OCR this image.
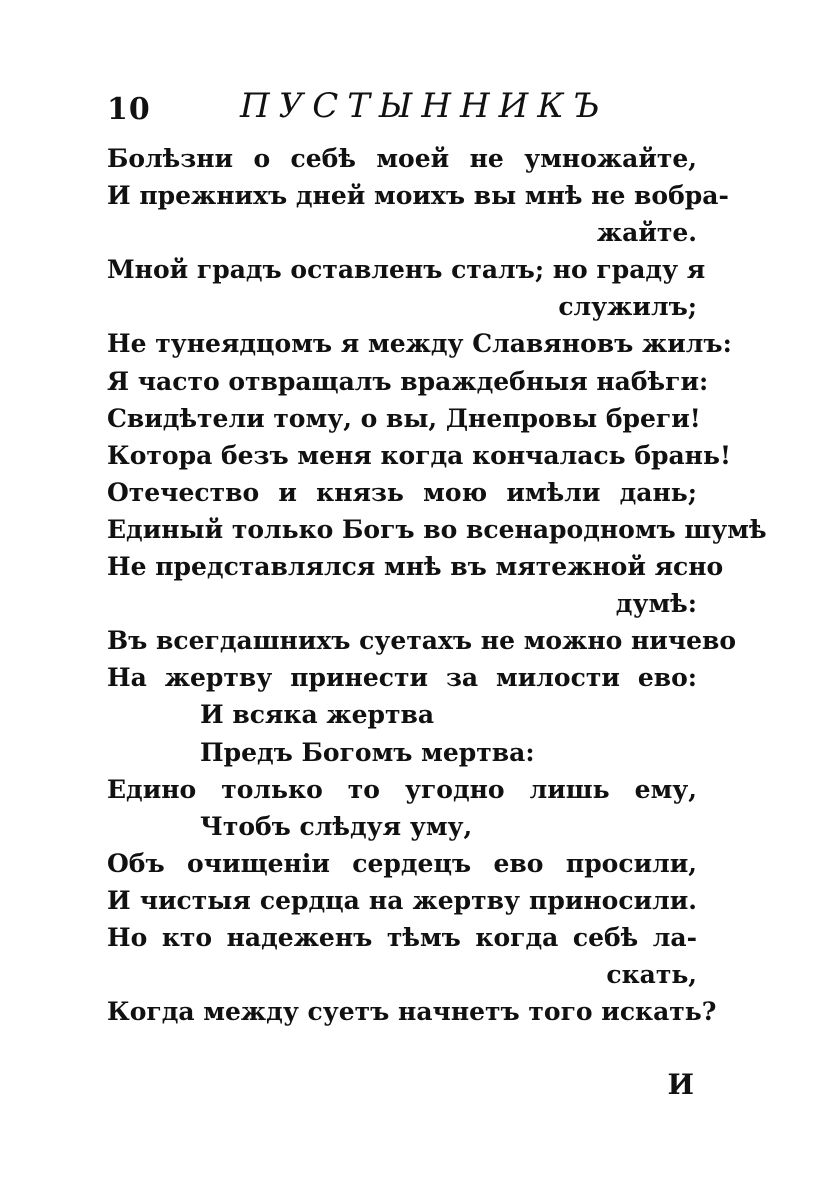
10	ПУСТЫННИКЪ
Болѣзни о себѣ моей не умножайте,
И прежнихъ дней моихъ вы мнѣ не вобра-
жайте.
Мной градъ оставленъ сталъ; но граду я
служилъ;
Не тунеядцомъ я между Славяновъ жилъ:
Я часто отвращалъ враждебныя набѣги:
Свидѣтели тому, о вы, Днепровы бреги!
Котора безъ меня когда кончалась брань!
Отечество и князь мою имѣли дань;
Единый только Богъ во всенародномъ шумѣ
Не представлялся мнѣ въ мятежной ясно
думѣ:
Въ всегдашнихъ суетахъ не можно ничево
На жертву принести за милости ево:
И всяка жертва
Предъ Богомъ мертва:
Едино только то угодно лишь ему,
Чтобъ слѣдуя уму,
Объ очищенiи сердецъ ево просили,
И чистыя сердца на жертву приносили.
Но кто надеженъ тѣмъ когда себѣ ла-
скать,
Когда между суетъ начнетъ того искать?
И
